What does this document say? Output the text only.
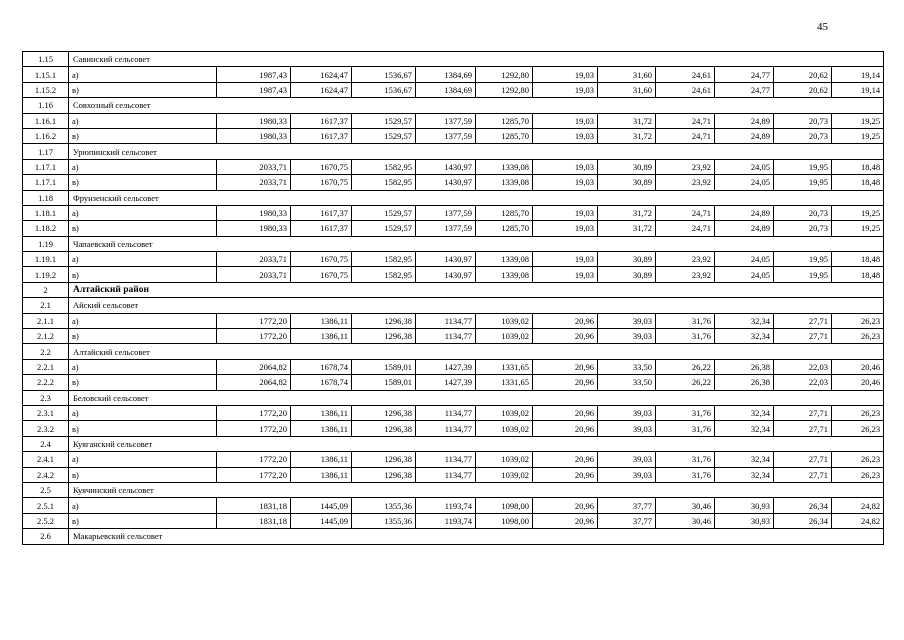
45
1.15	Савинский сельсовет											
1.15.1	а)	1987,43	1624,47	1536,67	1384,69	1292,80	19,03	31,60	24,61	24,77	20,62	19,14
1.15.2	в)	1987,43	1624,47	1536,67	1384,69	1292,80	19,03	31,60	24,61	24,77	20,62	19,14
1.16	Совхозный сельсовет											
1.16.1	а)	1980,33	1617,37	1529,57	1377,59	1285,70	19,03	31,72	24,71	24,89	20,73	19,25
1.16.2	в)	1980,33	1617,37	1529,57	1377,59	1285,70	19,03	31,72	24,71	24,89	20,73	19,25
1.17	Урюпинский сельсовет											
1.17.1	а)	2033,71	1670,75	1582,95	1430,97	1339,08	19,03	30,89	23,92	24,05	19,95	18,48
1.17.1	в)	2033,71	1670,75	1582,95	1430,97	1339,08	19,03	30,89	23,92	24,05	19,95	18,48
1.18	Фрунзенский сельсовет											
1.18.1	а)	1980,33	1617,37	1529,57	1377,59	1285,70	19,03	31,72	24,71	24,89	20,73	19,25
1.18.2	в)	1980,33	1617,37	1529,57	1377,59	1285,70	19,03	31,72	24,71	24,89	20,73	19,25
1.19	Чапаевский сельсовет											
1.19.1	а)	2033,71	1670,75	1582,95	1430,97	1339,08	19,03	30,89	23,92	24,05	19,95	18,48
1.19.2	в)	2033,71	1670,75	1582,95	1430,97	1339,08	19,03	30,89	23,92	24,05	19,95	18,48
2	Алтайский район											
2.1	Айский сельсовет											
2.1.1	а)	1772,20	1386,11	1296,38	1134,77	1039,02	20,96	39,03	31,76	32,34	27,71	26,23
2.1.2	в)	1772,20	1386,11	1296,38	1134,77	1039,02	20,96	39,03	31,76	32,34	27,71	26,23
2.2	Алтайский сельсовет											
2.2.1	а)	2064,82	1678,74	1589,01	1427,39	1331,65	20,96	33,50	26,22	26,38	22,03	20,46
2.2.2	в)	2064,82	1678,74	1589,01	1427,39	1331,65	20,96	33,50	26,22	26,38	22,03	20,46
2.3	Беловский сельсовет											
2.3.1	а)	1772,20	1386,11	1296,38	1134,77	1039,02	20,96	39,03	31,76	32,34	27,71	26,23
2.3.2	в)	1772,20	1386,11	1296,38	1134,77	1039,02	20,96	39,03	31,76	32,34	27,71	26,23
2.4	Куяганский сельсовет											
2.4.1	а)	1772,20	1386,11	1296,38	1134,77	1039,02	20,96	39,03	31,76	32,34	27,71	26,23
2.4.2	в)	1772,20	1386,11	1296,38	1134,77	1039,02	20,96	39,03	31,76	32,34	27,71	26,23
2.5	Куячинский сельсовет											
2.5.1	а)	1831,18	1445,09	1355,36	1193,74	1098,00	20,96	37,77	30,46	30,93	26,34	24,82
2.5.2	в)	1831,18	1445,09	1355,36	1193,74	1098,00	20,96	37,77	30,46	30,93	26,34	24,82
2.6	Макарьевский сельсовет											
